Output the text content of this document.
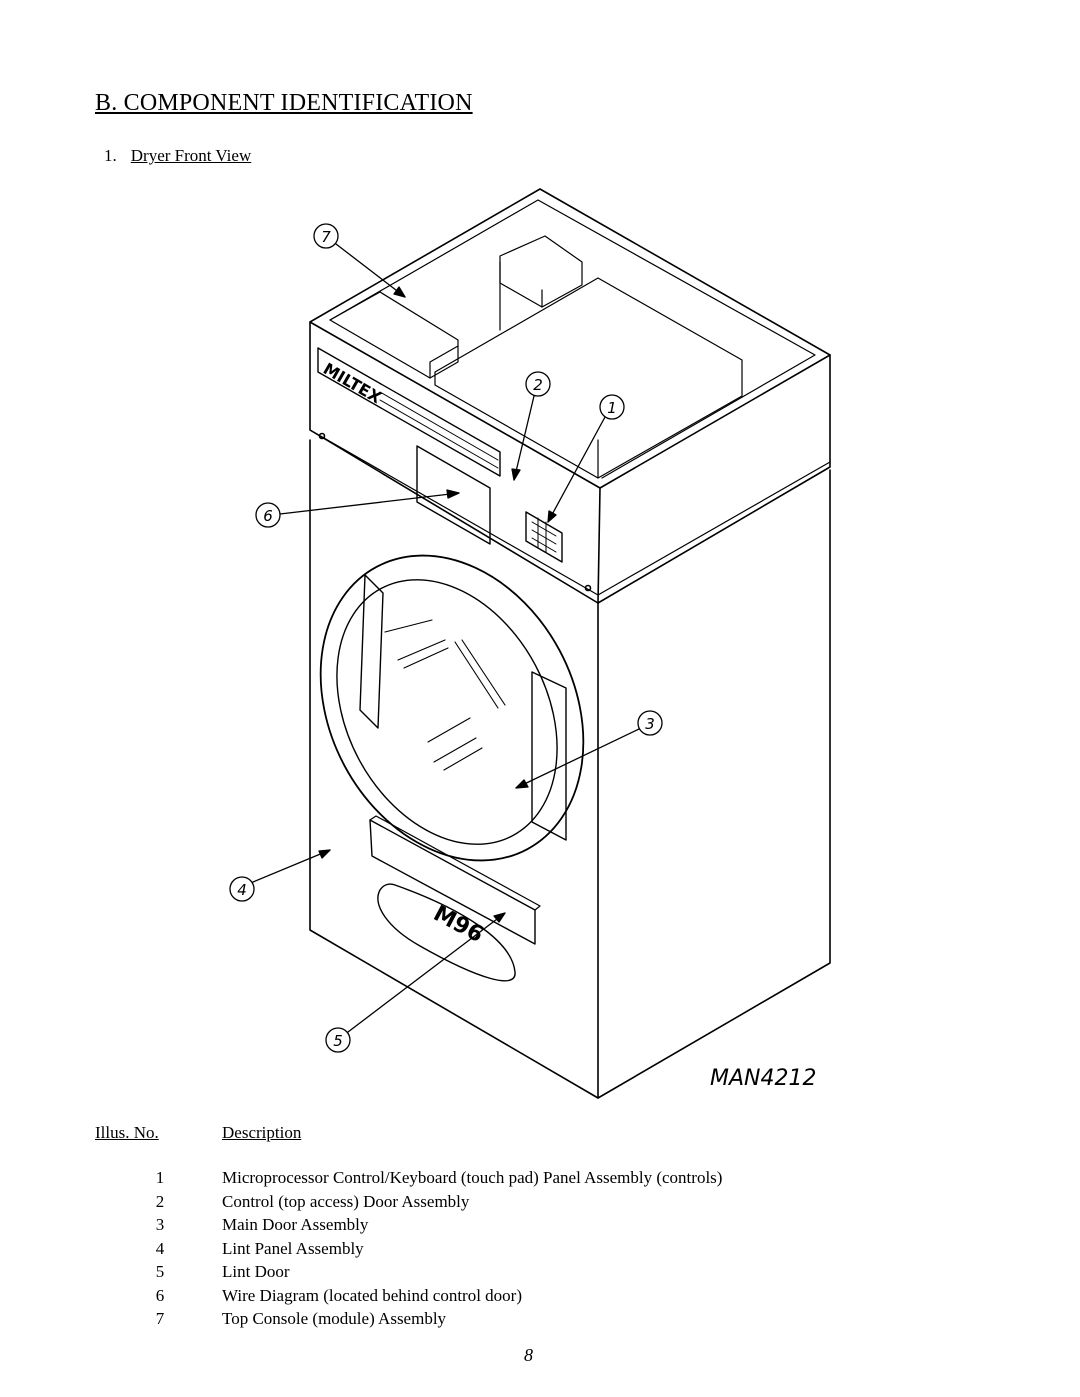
B. COMPONENT IDENTIFICATION
1. Dryer Front View
MILTEX
M96
7
2
1
6
3
4
5
MAN4212
Illus. No.	Description
1	Microprocessor Control/Keyboard (touch pad) Panel Assembly (controls)
2	Control (top access) Door Assembly
3	Main Door Assembly
4	Lint Panel Assembly
5	Lint Door
6	Wire Diagram (located behind control door)
7	Top Console (module) Assembly
8
